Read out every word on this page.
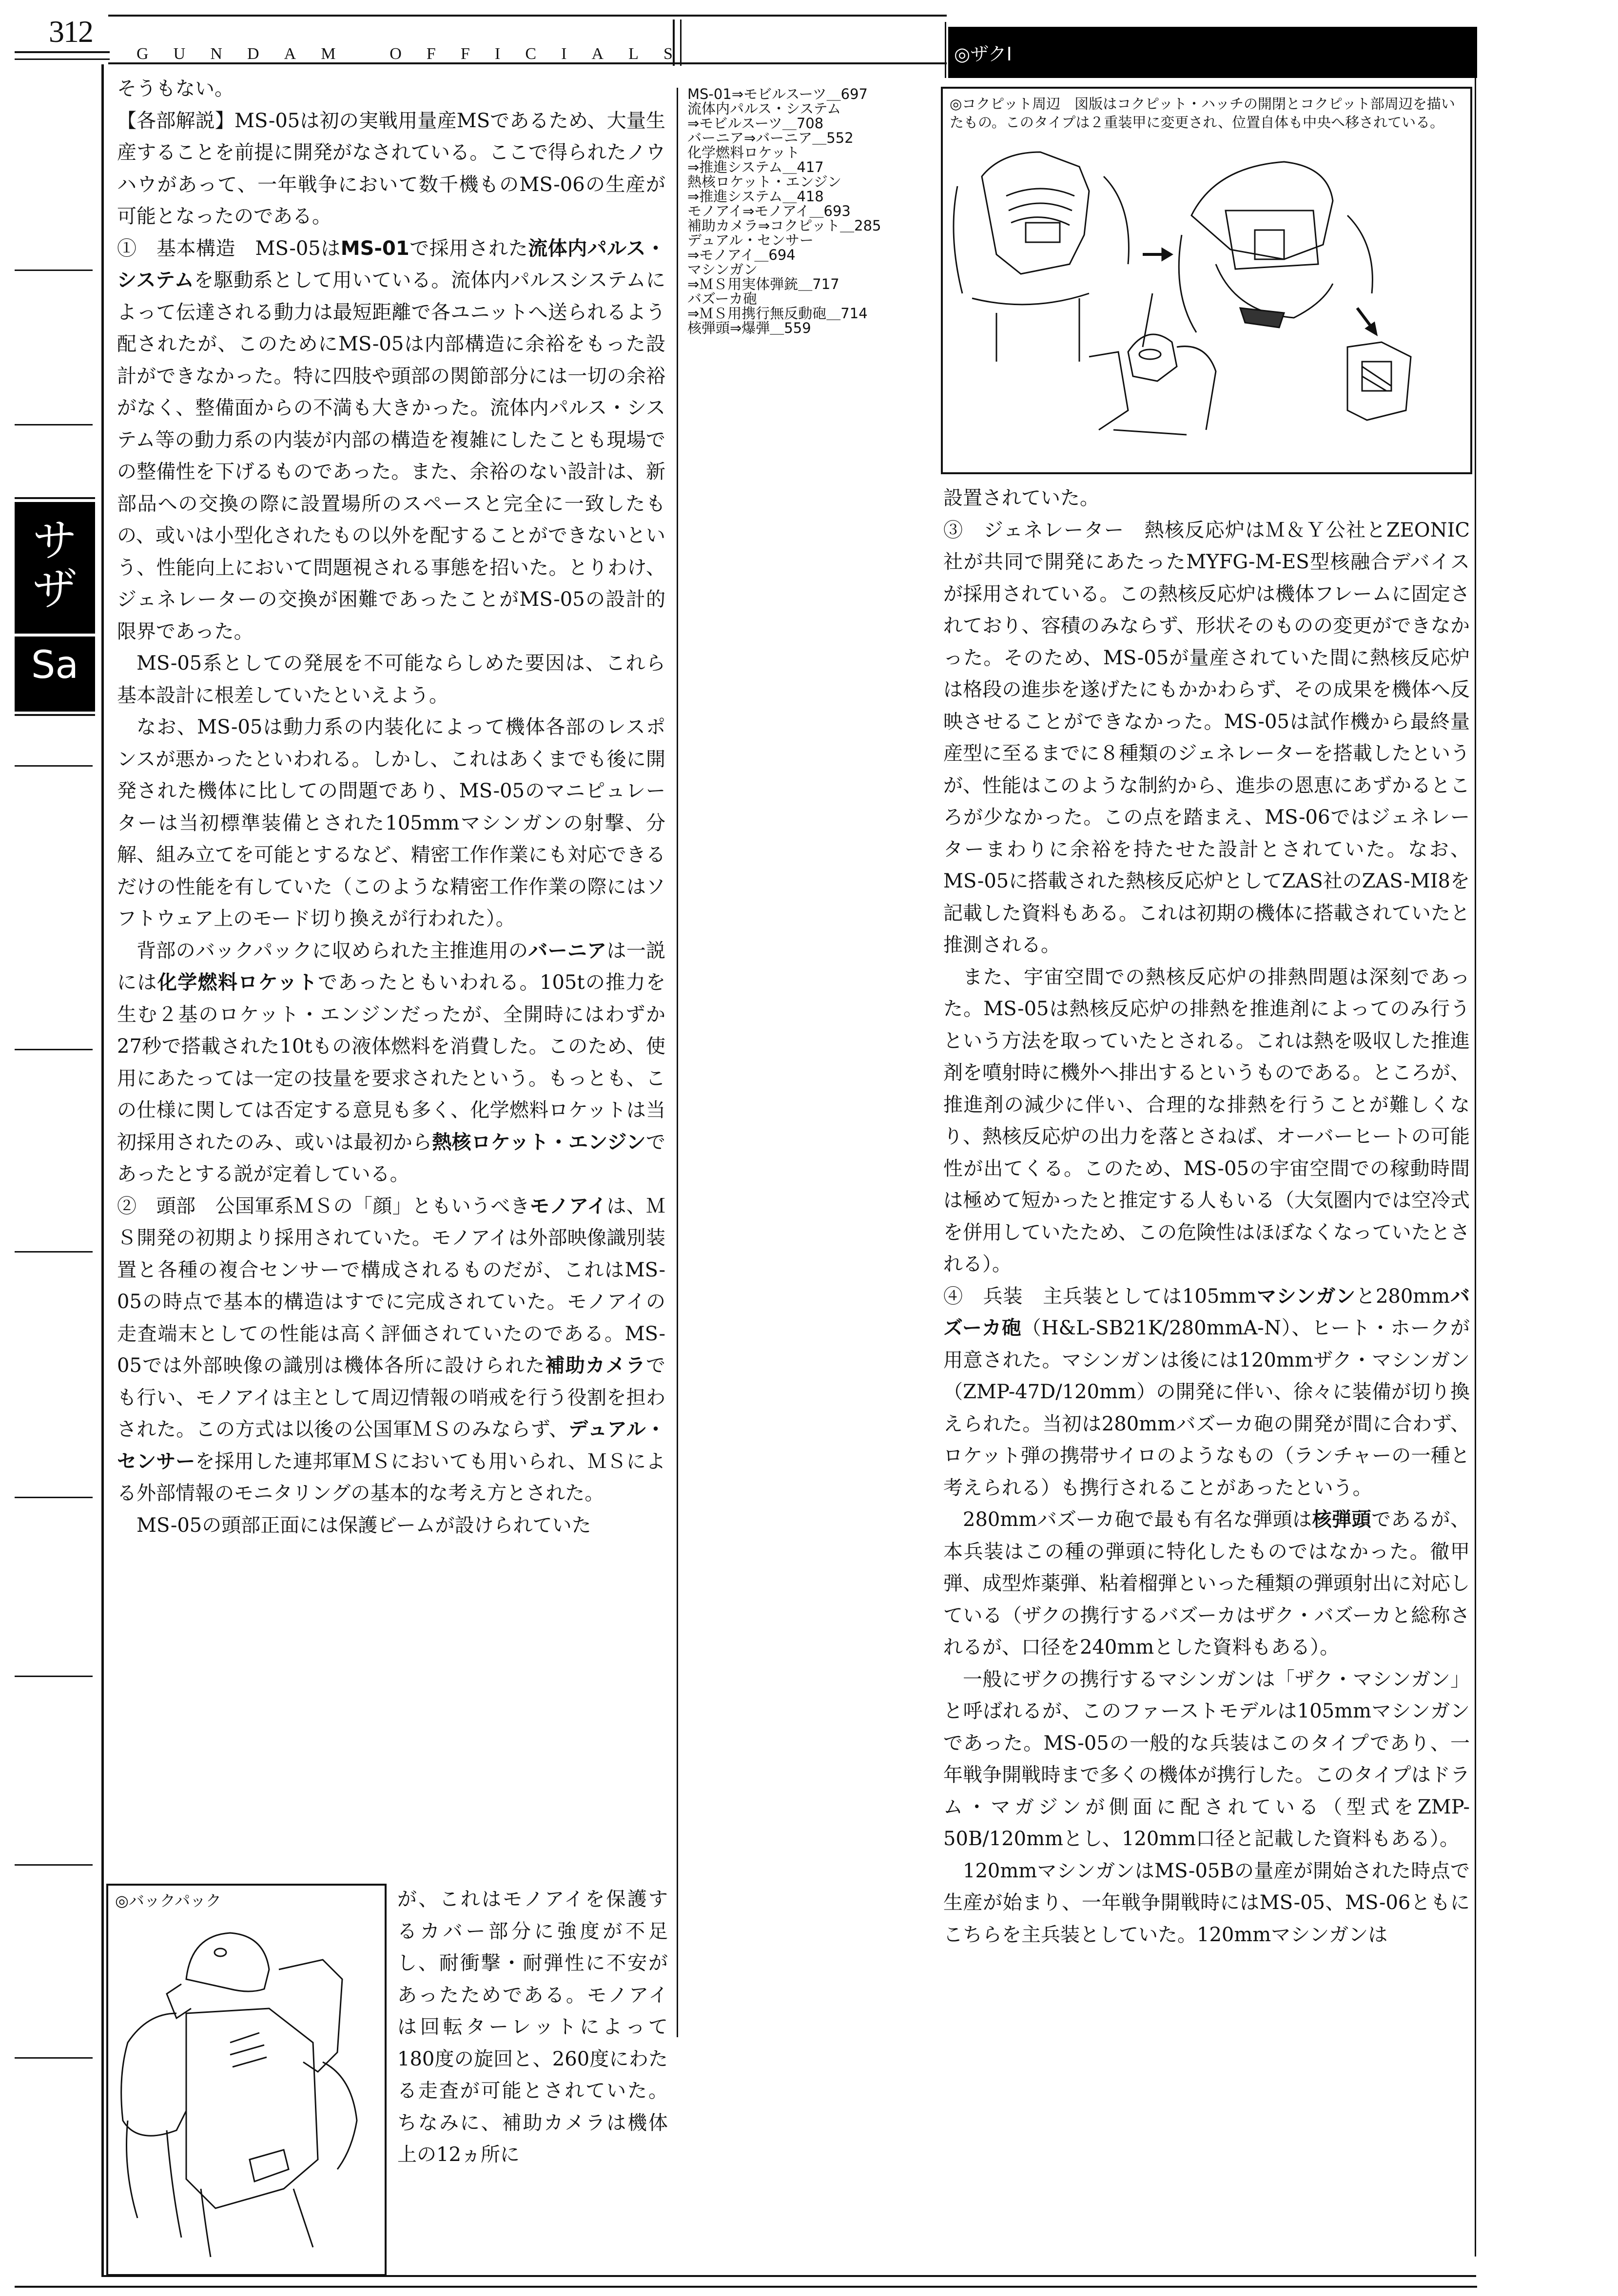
312
G U N D A M
	O F F I C I A L S	◎ザクⅠ
サ
ザ
Sa

そうもない。

【各部解説】MS-05は初の実戦用量産MSであるため、大量生産することを前提に開発がなされている。ここで得られたノウハウがあって、一年戦争において数千機ものMS-06の生産が可能となったのである。

①　基本構造　MS-05はMS-01で採用された流体内パルス・システムを駆動系として用いている。流体内パルスシステムによって伝達される動力は最短距離で各ユニットへ送られるよう配されたが、このためにMS-05は内部構造に余裕をもった設計ができなかった。特に四肢や頭部の関節部分には一切の余裕がなく、整備面からの不満も大きかった。流体内パルス・システム等の動力系の内装が内部の構造を複雑にしたことも現場での整備性を下げるものであった。また、余裕のない設計は、新部品への交換の際に設置場所のスペースと完全に一致したもの、或いは小型化されたもの以外を配することができないという、性能向上において問題視される事態を招いた。とりわけ、ジェネレーターの交換が困難であったことがMS-05の設計的限界であった。

MS-05系としての発展を不可能ならしめた要因は、これら基本設計に根差していたといえよう。

なお、MS-05は動力系の内装化によって機体各部のレスポンスが悪かったといわれる。しかし、これはあくまでも後に開発された機体に比しての問題であり、MS-05のマニピュレーターは当初標準装備とされた105mmマシンガンの射撃、分解、組み立てを可能とするなど、精密工作作業にも対応できるだけの性能を有していた（このような精密工作作業の際にはソフトウェア上のモード切り換えが行われた）。

背部のバックパックに収められた主推進用のバーニアは一説には化学燃料ロケットであったともいわれる。105tの推力を生む２基のロケット・エンジンだったが、全開時にはわずか27秒で搭載された10tもの液体燃料を消費した。このため、使用にあたっては一定の技量を要求されたという。もっとも、この仕様に関しては否定する意見も多く、化学燃料ロケットは当初採用されたのみ、或いは最初から熱核ロケット・エンジンであったとする説が定着している。

②　頭部　公国軍系ＭＳの「顔」ともいうべきモノアイは、ＭＳ開発の初期より採用されていた。モノアイは外部映像識別装置と各種の複合センサーで構成されるものだが、これはMS-05の時点で基本的構造はすでに完成されていた。モノアイの走査端末としての性能は高く評価されていたのである。MS-05では外部映像の識別は機体各所に設けられた補助カメラでも行い、モノアイは主として周辺情報の哨戒を行う役割を担わされた。この方式は以後の公国軍ＭＳのみならず、デュアル・センサーを採用した連邦軍ＭＳにおいても用いられ、ＭＳによる外部情報のモニタリングの基本的な考え方とされた。

MS-05の頭部正面には保護ビームが設けられていた

◎バックパック	が、これはモノアイを保護するカバー部分に強度が不足し、耐衝撃・耐弾性に不安があったためである。モノアイは回転ターレットによって180度の旋回と、260度にわたる走査が可能とされていた。ちなみに、補助カメラは機体上の12ヵ所に

MS-01⇒モビルスーツ＿697
流体内パルス・システム
⇒モビルスーツ＿708
バーニア⇒バーニア＿552
化学燃料ロケット
⇒推進システム＿417
熱核ロケット・エンジン
⇒推進システム＿418
モノアイ⇒モノアイ＿693
補助カメラ⇒コクピット＿285
デュアル・センサー
⇒モノアイ＿694
マシンガン
⇒ＭＳ用実体弾銃＿717
バズーカ砲
⇒ＭＳ用携行無反動砲＿714
核弾頭⇒爆弾＿559
◎コクピット周辺　図版はコクピット・ハッチの開閉とコクピット部周辺を描いたもの。このタイプは２重装甲に変更され、位置自体も中央へ移されている。

設置されていた。

③　ジェネレーター　熱核反応炉はＭ＆Ｙ公社とZEONIC社が共同で開発にあたったMYFG-M-ES型核融合デバイスが採用されている。この熱核反応炉は機体フレームに固定されており、容積のみならず、形状そのものの変更ができなかった。そのため、MS-05が量産されていた間に熱核反応炉は格段の進歩を遂げたにもかかわらず、その成果を機体へ反映させることができなかった。MS-05は試作機から最終量産型に至るまでに８種類のジェネレーターを搭載したというが、性能はこのような制約から、進歩の恩恵にあずかるところが少なかった。この点を踏まえ、MS-06ではジェネレーターまわりに余裕を持たせた設計とされていた。なお、MS-05に搭載された熱核反応炉としてZAS社のZAS-MI8を記載した資料もある。これは初期の機体に搭載されていたと推測される。

また、宇宙空間での熱核反応炉の排熱問題は深刻であった。MS-05は熱核反応炉の排熱を推進剤によってのみ行うという方法を取っていたとされる。これは熱を吸収した推進剤を噴射時に機外へ排出するというものである。ところが、推進剤の減少に伴い、合理的な排熱を行うことが難しくなり、熱核反応炉の出力を落とさねば、オーバーヒートの可能性が出てくる。このため、MS-05の宇宙空間での稼動時間は極めて短かったと推定する人もいる（大気圏内では空冷式を併用していたため、この危険性はほぼなくなっていたとされる）。

④　兵装　主兵装としては105mmマシンガンと280mmバズーカ砲（H&L-SB21K/280mmA-N）、ヒート・ホークが用意された。マシンガンは後には120mmザク・マシンガン（ZMP-47D/120mm）の開発に伴い、徐々に装備が切り換えられた。当初は280mmバズーカ砲の開発が間に合わず、ロケット弾の携帯サイロのようなもの（ランチャーの一種と考えられる）も携行されることがあったという。

280mmバズーカ砲で最も有名な弾頭は核弾頭であるが、本兵装はこの種の弾頭に特化したものではなかった。徹甲弾、成型炸薬弾、粘着榴弾といった種類の弾頭射出に対応している（ザクの携行するバズーカはザク・バズーカと総称されるが、口径を240mmとした資料もある）。

一般にザクの携行するマシンガンは「ザク・マシンガン」と呼ばれるが、このファーストモデルは105mmマシンガンであった。MS-05の一般的な兵装はこのタイプであり、一年戦争開戦時まで多くの機体が携行した。このタイプはドラム・マガジンが側面に配されている（型式をZMP-50B/120mmとし、120mm口径と記載した資料もある）。

120mmマシンガンはMS-05Bの量産が開始された時点で生産が始まり、一年戦争開戦時にはMS-05、MS-06ともにこちらを主兵装としていた。120mmマシンガンは
